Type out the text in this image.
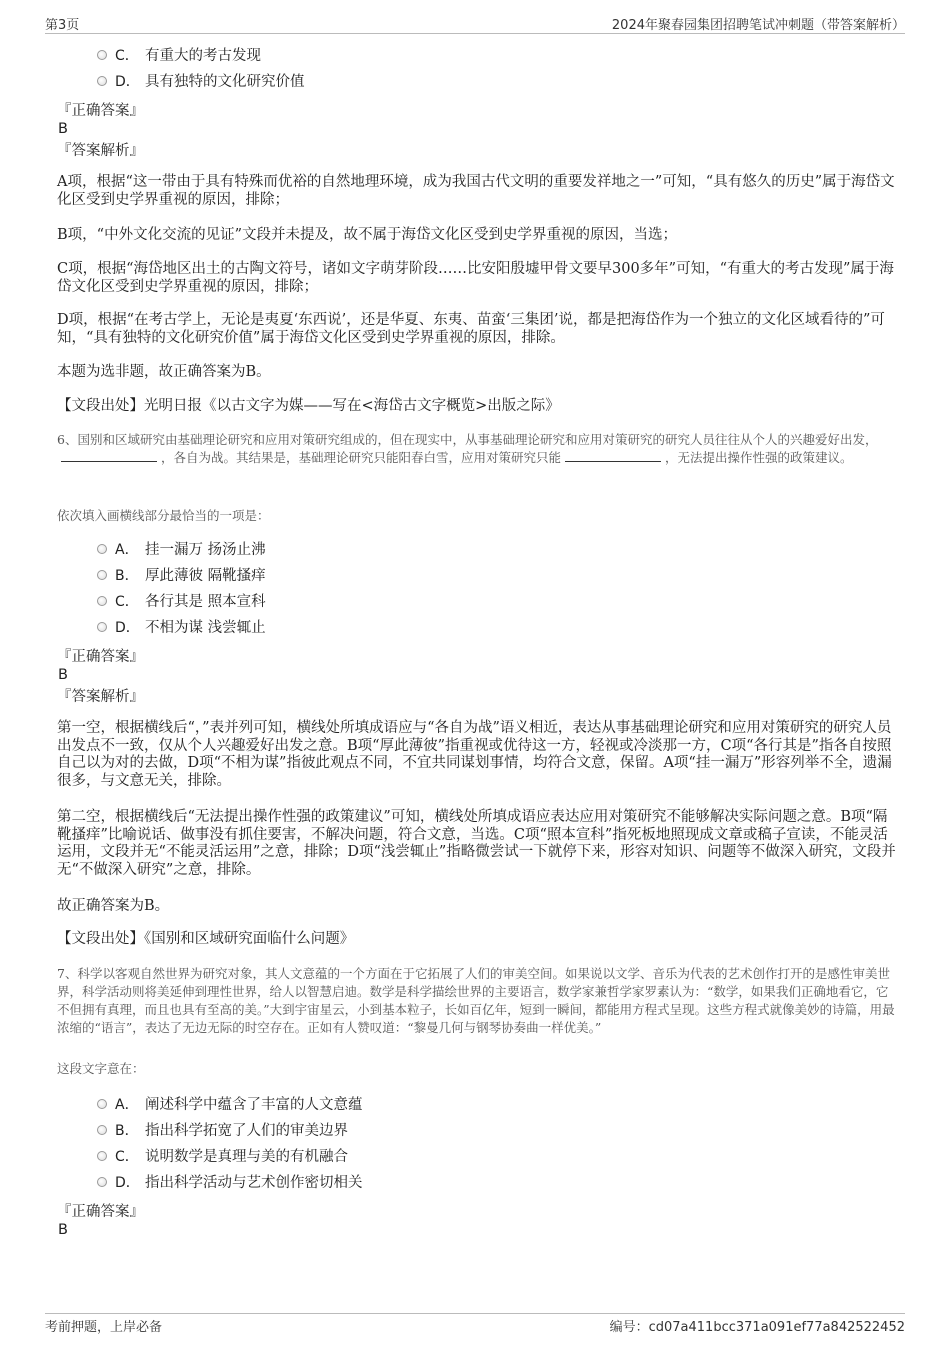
第3页	2024年聚春园集团招聘笔试冲刺题（带答案解析）
C． 有重大的考古发现
D． 具有独特的文化研究价值
『正确答案』
B
『答案解析』
A项，根据“这一带由于具有特殊而优裕的自然地理环境，成为我国古代文明的重要发祥地之一”可知，“具有悠久的历史”属于海岱文化区受到史学界重视的原因，排除；
B项，“中外文化交流的见证”文段并未提及，故不属于海岱文化区受到史学界重视的原因，当选；
C项，根据“海岱地区出土的古陶文符号，诸如文字萌芽阶段……比安阳殷墟甲骨文要早300多年”可知，“有重大的考古发现”属于海岱文化区受到史学界重视的原因，排除；
D项，根据“在考古学上，无论是夷夏‘东西说’，还是华夏、东夷、苗蛮‘三集团’说，都是把海岱作为一个独立的文化区域看待的”可知，“具有独特的文化研究价值”属于海岱文化区受到史学界重视的原因，排除。
本题为选非题，故正确答案为B。
【文段出处】光明日报《以古文字为媒——写在<海岱古文字概览>出版之际》
6、国别和区域研究由基础理论研究和应用对策研究组成的，但在现实中，从事基础理论研究和应用对策研究的研究人员往往从个人的兴趣爱好出发，，各自为战。其结果是，基础理论研究只能阳春白雪，应用对策研究只能	，无法提出操作性强的政策建议。
依次填入画横线部分最恰当的一项是：
A． 挂一漏万 扬汤止沸
B． 厚此薄彼 隔靴搔痒
C． 各行其是 照本宣科
D． 不相为谋 浅尝辄止
『正确答案』
B
『答案解析』
第一空，根据横线后“，”表并列可知，横线处所填成语应与“各自为战”语义相近，表达从事基础理论研究和应用对策研究的研究人员出发点不一致，仅从个人兴趣爱好出发之意。B项“厚此薄彼”指重视或优待这一方，轻视或冷淡那一方，C项“各行其是”指各自按照自己以为对的去做，D项“不相为谋”指彼此观点不同，不宜共同谋划事情，均符合文意，保留。A项“挂一漏万”形容列举不全，遗漏很多，与文意无关，排除。
第二空，根据横线后“无法提出操作性强的政策建议”可知，横线处所填成语应表达应用对策研究不能够解决实际问题之意。B项“隔靴搔痒”比喻说话、做事没有抓住要害，不解决问题，符合文意，当选。C项“照本宣科”指死板地照现成文章或稿子宣读，不能灵活运用，文段并无“不能灵活运用”之意，排除；D项“浅尝辄止”指略微尝试一下就停下来，形容对知识、问题等不做深入研究，文段并无“不做深入研究”之意，排除。
故正确答案为B。
【文段出处】《国别和区域研究面临什么问题》
7、科学以客观自然世界为研究对象，其人文意蕴的一个方面在于它拓展了人们的审美空间。如果说以文学、音乐为代表的艺术创作打开的是感性审美世界，科学活动则将美延伸到理性世界，给人以智慧启迪。数学是科学描绘世界的主要语言，数学家兼哲学家罗素认为：“数学，如果我们正确地看它，它不但拥有真理，而且也具有至高的美。”大到宇宙星云，小到基本粒子，长如百亿年，短到一瞬间，都能用方程式呈现。这些方程式就像美妙的诗篇，用最浓缩的“语言”，表达了无边无际的时空存在。正如有人赞叹道：“黎曼几何与钢琴协奏曲一样优美。”
这段文字意在：
A． 阐述科学中蕴含了丰富的人文意蕴
B． 指出科学拓宽了人们的审美边界
C． 说明数学是真理与美的有机融合
D． 指出科学活动与艺术创作密切相关
『正确答案』
B
考前押题，上岸必备	编号：cd07a411bcc371a091ef77a842522452
